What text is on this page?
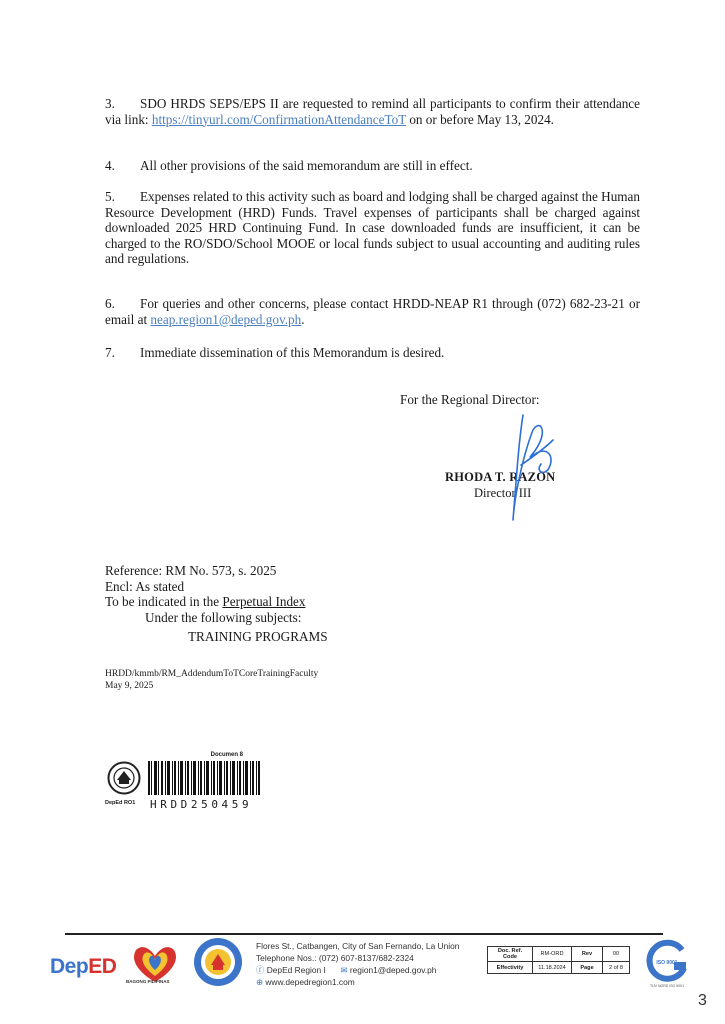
3. SDO HRDS SEPS/EPS II are requested to remind all participants to confirm their attendance via link: https://tinyurl.com/ConfirmationAttendanceToT on or before May 13, 2024.
4. All other provisions of the said memorandum are still in effect.
5. Expenses related to this activity such as board and lodging shall be charged against the Human Resource Development (HRD) Funds. Travel expenses of participants shall be charged against downloaded 2025 HRD Continuing Fund. In case downloaded funds are insufficient, it can be charged to the RO/SDO/School MOOE or local funds subject to usual accounting and auditing rules and regulations.
6. For queries and other concerns, please contact HRDD-NEAP R1 through (072) 682-23-21 or email at neap.region1@deped.gov.ph.
7. Immediate dissemination of this Memorandum is desired.
For the Regional Director:
RHODA T. RAZON
Director III
Reference: RM No. 573, s. 2025
Encl: As stated
To be indicated in the Perpetual Index
Under the following subjects:
TRAINING PROGRAMS
HRDD/kmmb/RM_AddendumToTCoreTrainingFaculty
May 9, 2025
Documen 8
DepEd RO1 HRDD250459
DepED
BAGONG PILIPINAS
Flores St., Catbangen, City of San Fernando, La Union
Telephone Nos.: (072) 607-8137/682-2324
ⓕ DepEd Region I ✉ region1@deped.gov.ph
⊕ www.depedregion1.com
Doc. Ref. Code	RM-ORD	Rev	00
Effectivity	11.18.2024	Page	2 of 8
ISO 9001
TUV NORD ISO 9001
3
